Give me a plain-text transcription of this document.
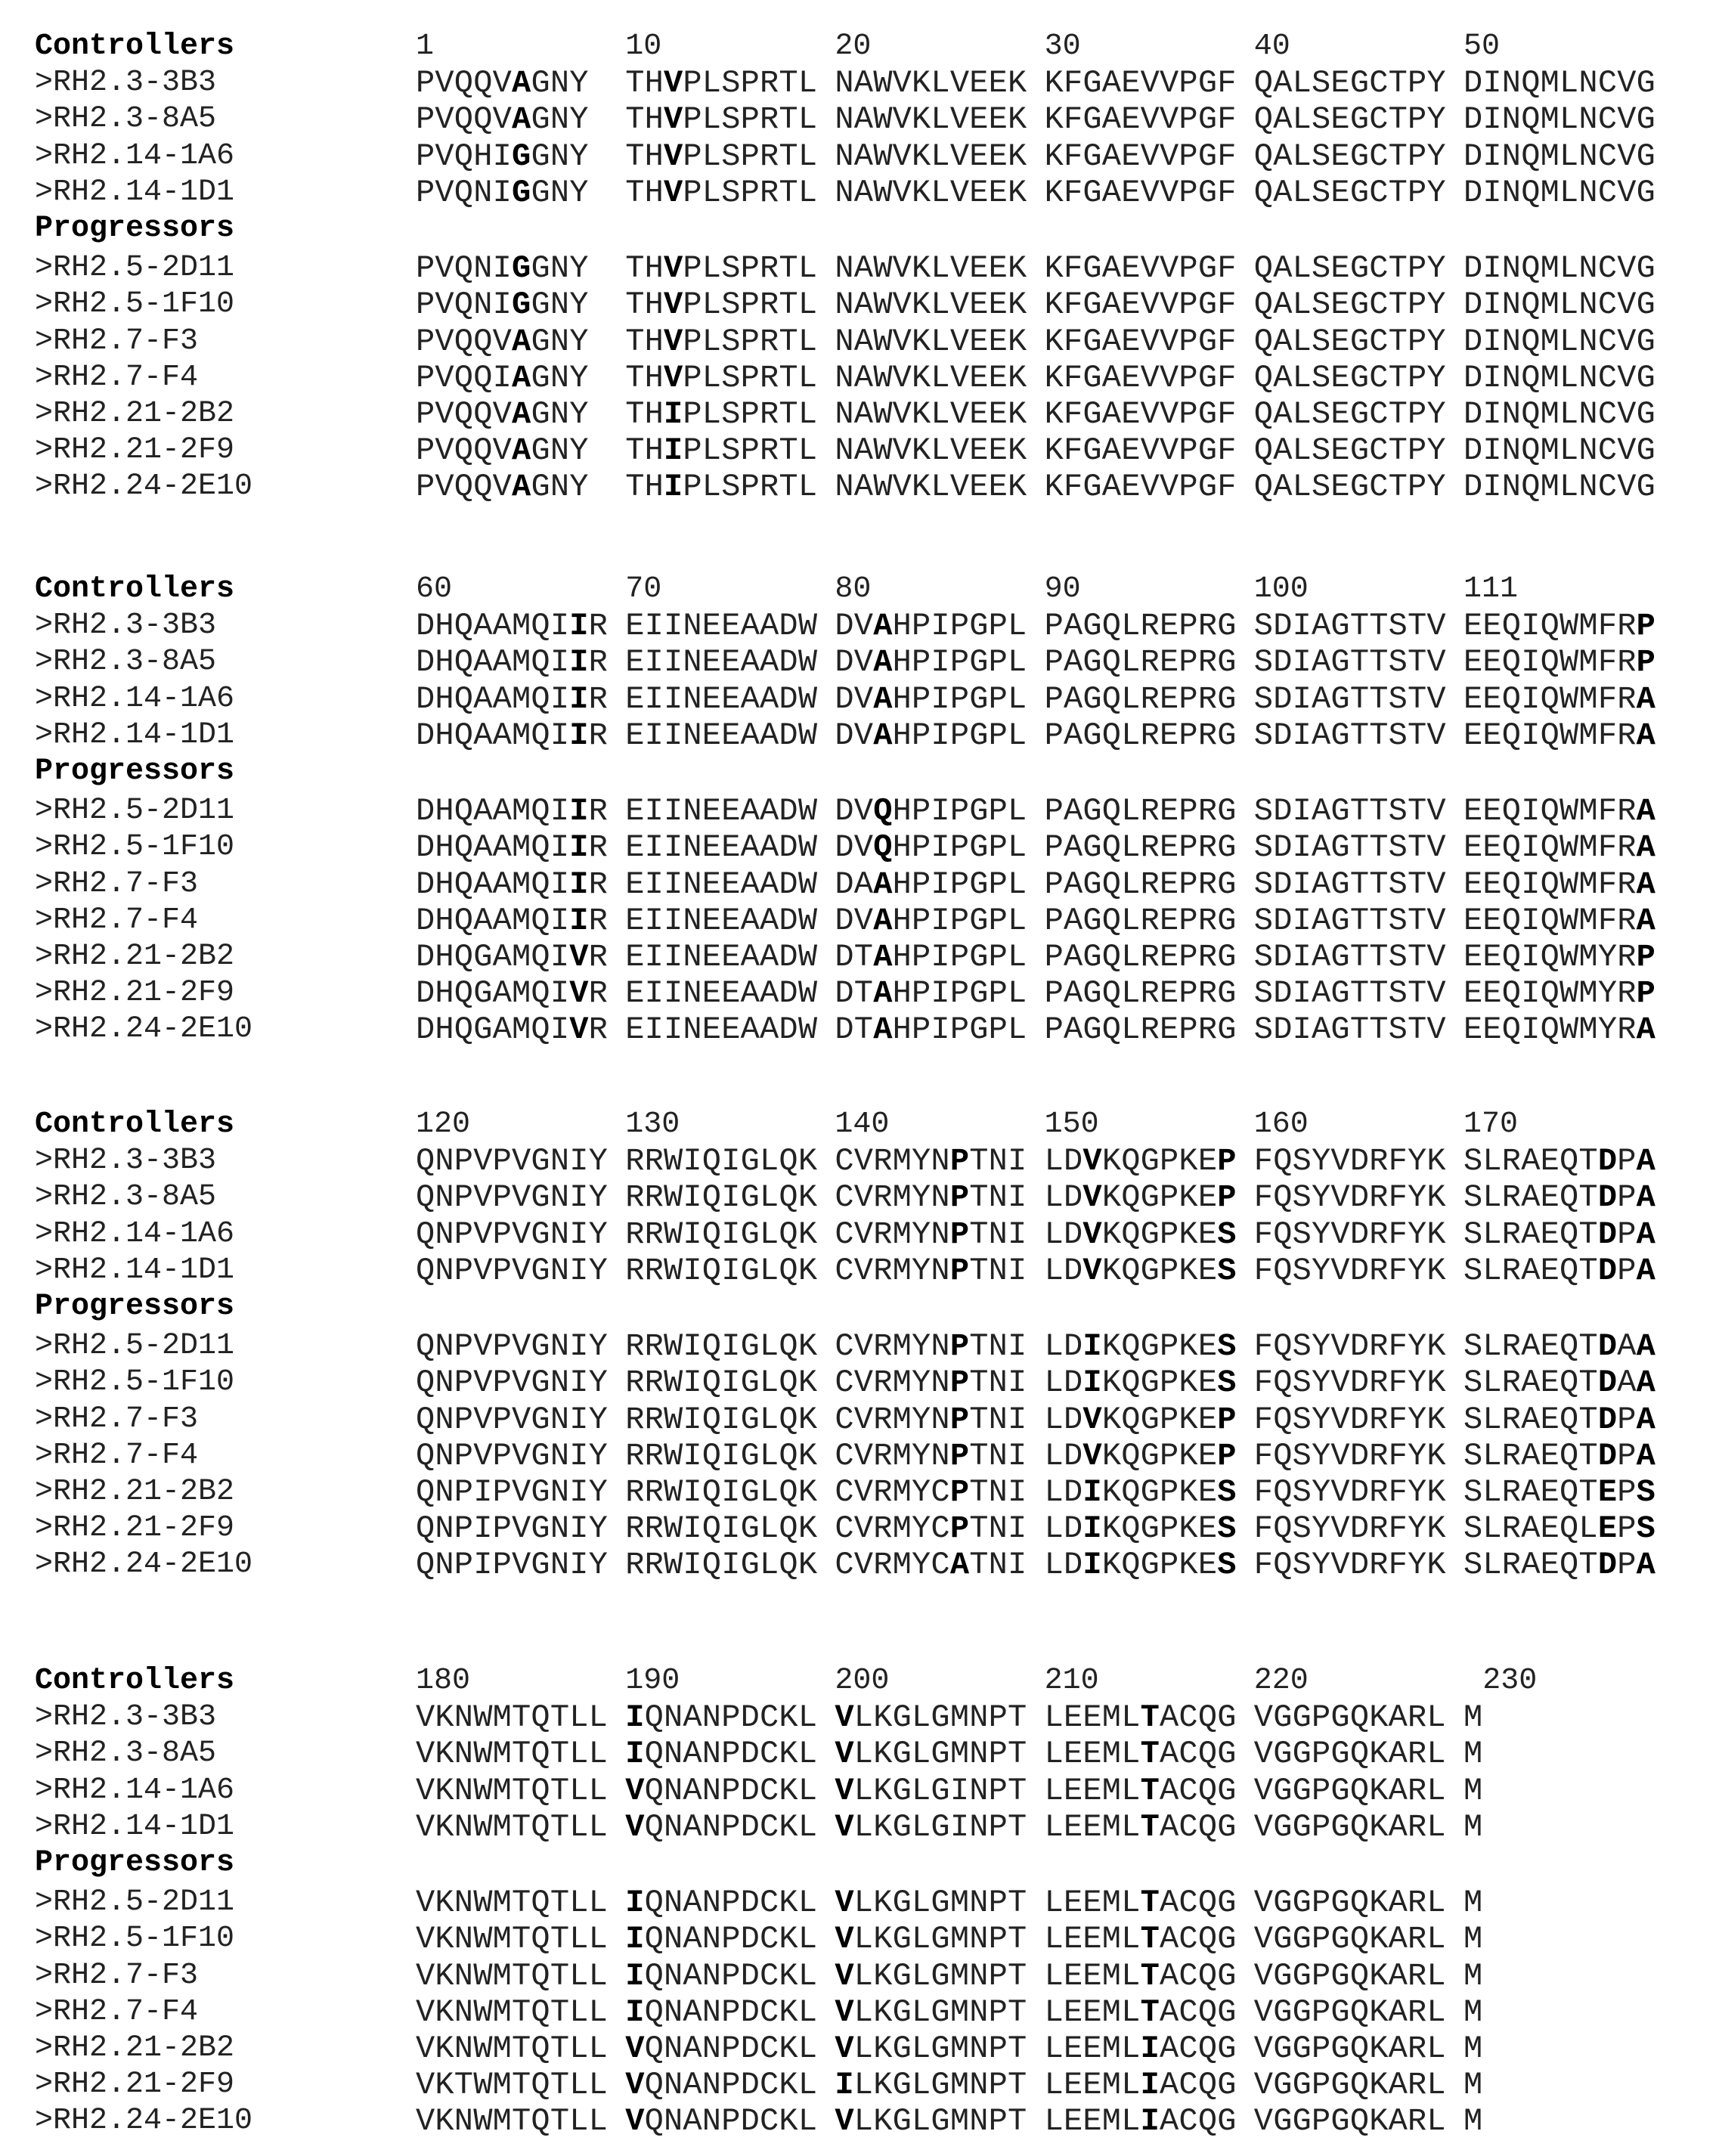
Controllers	1	10	20	30	40	50
>RH2.3-3B3	PVQQVAGNY THVPLSPRTL NAWVKLVEEK KFGAEVVPGF QALSEGCTPY DINQMLNCVG
>RH2.3-8A5	PVQQVAGNY THVPLSPRTL NAWVKLVEEK KFGAEVVPGF QALSEGCTPY DINQMLNCVG
>RH2.14-1A6	PVQHIGGNY THVPLSPRTL NAWVKLVEEK KFGAEVVPGF QALSEGCTPY DINQMLNCVG
>RH2.14-1D1	PVQNIGGNY THVPLSPRTL NAWVKLVEEK KFGAEVVPGF QALSEGCTPY DINQMLNCVG
Progressors
>RH2.5-2D11	PVQNIGGNY THVPLSPRTL NAWVKLVEEK KFGAEVVPGF QALSEGCTPY DINQMLNCVG
>RH2.5-1F10	PVQNIGGNY THVPLSPRTL NAWVKLVEEK KFGAEVVPGF QALSEGCTPY DINQMLNCVG
>RH2.7-F3	PVQQVAGNY THVPLSPRTL NAWVKLVEEK KFGAEVVPGF QALSEGCTPY DINQMLNCVG
>RH2.7-F4	PVQQIAGNY THVPLSPRTL NAWVKLVEEK KFGAEVVPGF QALSEGCTPY DINQMLNCVG
>RH2.21-2B2	PVQQVAGNY THIPLSPRTL NAWVKLVEEK KFGAEVVPGF QALSEGCTPY DINQMLNCVG
>RH2.21-2F9	PVQQVAGNY THIPLSPRTL NAWVKLVEEK KFGAEVVPGF QALSEGCTPY DINQMLNCVG
>RH2.24-2E10	PVQQVAGNY THIPLSPRTL NAWVKLVEEK KFGAEVVPGF QALSEGCTPY DINQMLNCVG
Controllers	60	70	80	90	100	111
>RH2.3-3B3	DHQAAMQIIR EIINEEAADW DVAHPIPGPL PAGQLREPRG SDIAGTTSTV EEQIQWMFRP
>RH2.3-8A5	DHQAAMQIIR EIINEEAADW DVAHPIPGPL PAGQLREPRG SDIAGTTSTV EEQIQWMFRP
>RH2.14-1A6	DHQAAMQIIR EIINEEAADW DVAHPIPGPL PAGQLREPRG SDIAGTTSTV EEQIQWMFRA
>RH2.14-1D1	DHQAAMQIIR EIINEEAADW DVAHPIPGPL PAGQLREPRG SDIAGTTSTV EEQIQWMFRA
Progressors
>RH2.5-2D11	DHQAAMQIIR EIINEEAADW DVQHPIPGPL PAGQLREPRG SDIAGTTSTV EEQIQWMFRA
>RH2.5-1F10	DHQAAMQIIR EIINEEAADW DVQHPIPGPL PAGQLREPRG SDIAGTTSTV EEQIQWMFRA
>RH2.7-F3	DHQAAMQIIR EIINEEAADW DAAHPIPGPL PAGQLREPRG SDIAGTTSTV EEQIQWMFRA
>RH2.7-F4	DHQAAMQIIR EIINEEAADW DVAHPIPGPL PAGQLREPRG SDIAGTTSTV EEQIQWMFRA
>RH2.21-2B2	DHQGAMQIVR EIINEEAADW DTAHPIPGPL PAGQLREPRG SDIAGTTSTV EEQIQWMYRP
>RH2.21-2F9	DHQGAMQIVR EIINEEAADW DTAHPIPGPL PAGQLREPRG SDIAGTTSTV EEQIQWMYRP
>RH2.24-2E10	DHQGAMQIVR EIINEEAADW DTAHPIPGPL PAGQLREPRG SDIAGTTSTV EEQIQWMYRA
Controllers	120	130	140	150	160	170
>RH2.3-3B3	QNPVPVGNIY RRWIQIGLQK CVRMYNPTNI LDVKQGPKEP FQSYVDRFYK SLRAEQTDPA
>RH2.3-8A5	QNPVPVGNIY RRWIQIGLQK CVRMYNPTNI LDVKQGPKEP FQSYVDRFYK SLRAEQTDPA
>RH2.14-1A6	QNPVPVGNIY RRWIQIGLQK CVRMYNPTNI LDVKQGPKES FQSYVDRFYK SLRAEQTDPA
>RH2.14-1D1	QNPVPVGNIY RRWIQIGLQK CVRMYNPTNI LDVKQGPKES FQSYVDRFYK SLRAEQTDPA
Progressors
>RH2.5-2D11	QNPVPVGNIY RRWIQIGLQK CVRMYNPTNI LDIKQGPKES FQSYVDRFYK SLRAEQTDAA
>RH2.5-1F10	QNPVPVGNIY RRWIQIGLQK CVRMYNPTNI LDIKQGPKES FQSYVDRFYK SLRAEQTDAA
>RH2.7-F3	QNPVPVGNIY RRWIQIGLQK CVRMYNPTNI LDVKQGPKEP FQSYVDRFYK SLRAEQTDPA
>RH2.7-F4	QNPVPVGNIY RRWIQIGLQK CVRMYNPTNI LDVKQGPKEP FQSYVDRFYK SLRAEQTDPA
>RH2.21-2B2	QNPIPVGNIY RRWIQIGLQK CVRMYCPTNI LDIKQGPKES FQSYVDRFYK SLRAEQTEPS
>RH2.21-2F9	QNPIPVGNIY RRWIQIGLQK CVRMYCPTNI LDIKQGPKES FQSYVDRFYK SLRAEQLEPS
>RH2.24-2E10	QNPIPVGNIY RRWIQIGLQK CVRMYCATNI LDIKQGPKES FQSYVDRFYK SLRAEQTDPA
Controllers	180	190	200	210	220	230
>RH2.3-3B3	VKNWMTQTLL IQNANPDCKL VLKGLGMNPT LEEMLTACQG VGGPGQKARL M
>RH2.3-8A5	VKNWMTQTLL IQNANPDCKL VLKGLGMNPT LEEMLTACQG VGGPGQKARL M
>RH2.14-1A6	VKNWMTQTLL VQNANPDCKL VLKGLGINPT LEEMLTACQG VGGPGQKARL M
>RH2.14-1D1	VKNWMTQTLL VQNANPDCKL VLKGLGINPT LEEMLTACQG VGGPGQKARL M
Progressors
>RH2.5-2D11	VKNWMTQTLL IQNANPDCKL VLKGLGMNPT LEEMLTACQG VGGPGQKARL M
>RH2.5-1F10	VKNWMTQTLL IQNANPDCKL VLKGLGMNPT LEEMLTACQG VGGPGQKARL M
>RH2.7-F3	VKNWMTQTLL IQNANPDCKL VLKGLGMNPT LEEMLTACQG VGGPGQKARL M
>RH2.7-F4	VKNWMTQTLL IQNANPDCKL VLKGLGMNPT LEEMLTACQG VGGPGQKARL M
>RH2.21-2B2	VKNWMTQTLL VQNANPDCKL VLKGLGMNPT LEEMLIACQG VGGPGQKARL M
>RH2.21-2F9	VKTWMTQTLL VQNANPDCKL ILKGLGMNPT LEEMLIACQG VGGPGQKARL M
>RH2.24-2E10	VKNWMTQTLL VQNANPDCKL VLKGLGMNPT LEEMLIACQG VGGPGQKARL M
